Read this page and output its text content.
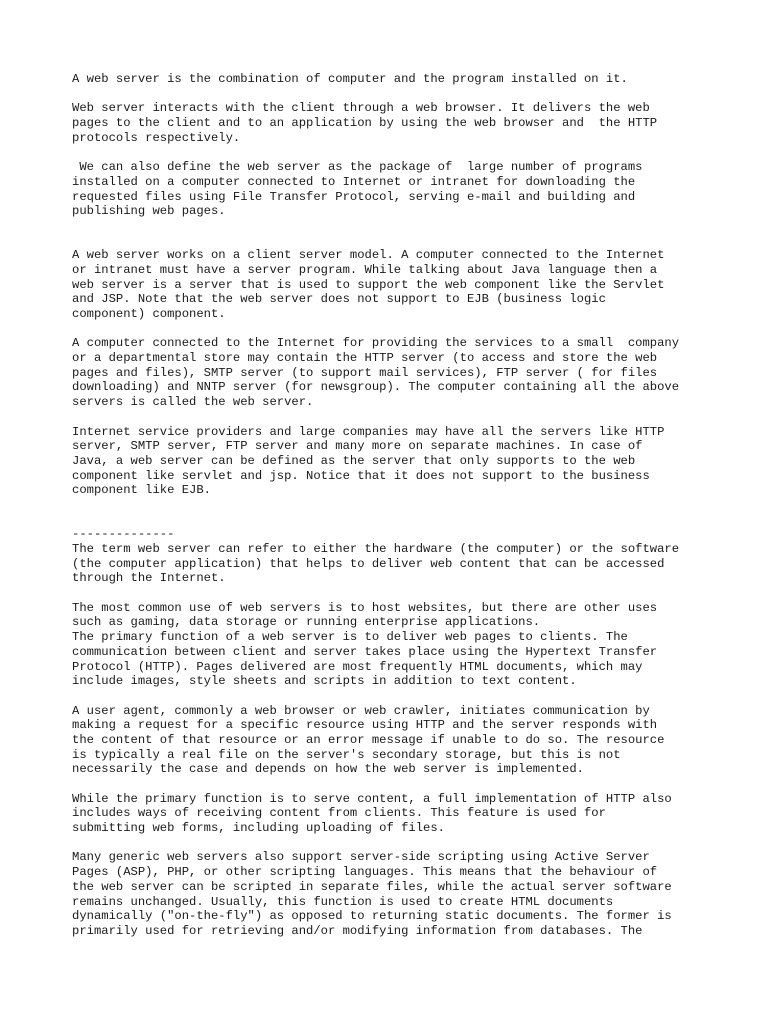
A web server is the combination of computer and the program installed on it.
Web server interacts with the client through a web browser. It delivers the web
pages to the client and to an application by using the web browser and  the HTTP
protocols respectively.
We can also define the web server as the package of  large number of programs
installed on a computer connected to Internet or intranet for downloading the
requested files using File Transfer Protocol, serving e-mail and building and
publishing web pages.
A web server works on a client server model. A computer connected to the Internet
or intranet must have a server program. While talking about Java language then a
web server is a server that is used to support the web component like the Servlet
and JSP. Note that the web server does not support to EJB (business logic
component) component.
A computer connected to the Internet for providing the services to a small  company
or a departmental store may contain the HTTP server (to access and store the web
pages and files), SMTP server (to support mail services), FTP server ( for files
downloading) and NNTP server (for newsgroup). The computer containing all the above
servers is called the web server.
Internet service providers and large companies may have all the servers like HTTP
server, SMTP server, FTP server and many more on separate machines. In case of
Java, a web server can be defined as the server that only supports to the web
component like servlet and jsp. Notice that it does not support to the business
component like EJB.
--------------
The term web server can refer to either the hardware (the computer) or the software
(the computer application) that helps to deliver web content that can be accessed
through the Internet.
The most common use of web servers is to host websites, but there are other uses
such as gaming, data storage or running enterprise applications.
The primary function of a web server is to deliver web pages to clients. The
communication between client and server takes place using the Hypertext Transfer
Protocol (HTTP). Pages delivered are most frequently HTML documents, which may
include images, style sheets and scripts in addition to text content.
A user agent, commonly a web browser or web crawler, initiates communication by
making a request for a specific resource using HTTP and the server responds with
the content of that resource or an error message if unable to do so. The resource
is typically a real file on the server's secondary storage, but this is not
necessarily the case and depends on how the web server is implemented.
While the primary function is to serve content, a full implementation of HTTP also
includes ways of receiving content from clients. This feature is used for
submitting web forms, including uploading of files.
Many generic web servers also support server-side scripting using Active Server
Pages (ASP), PHP, or other scripting languages. This means that the behaviour of
the web server can be scripted in separate files, while the actual server software
remains unchanged. Usually, this function is used to create HTML documents
dynamically ("on-the-fly") as opposed to returning static documents. The former is
primarily used for retrieving and/or modifying information from databases. The
